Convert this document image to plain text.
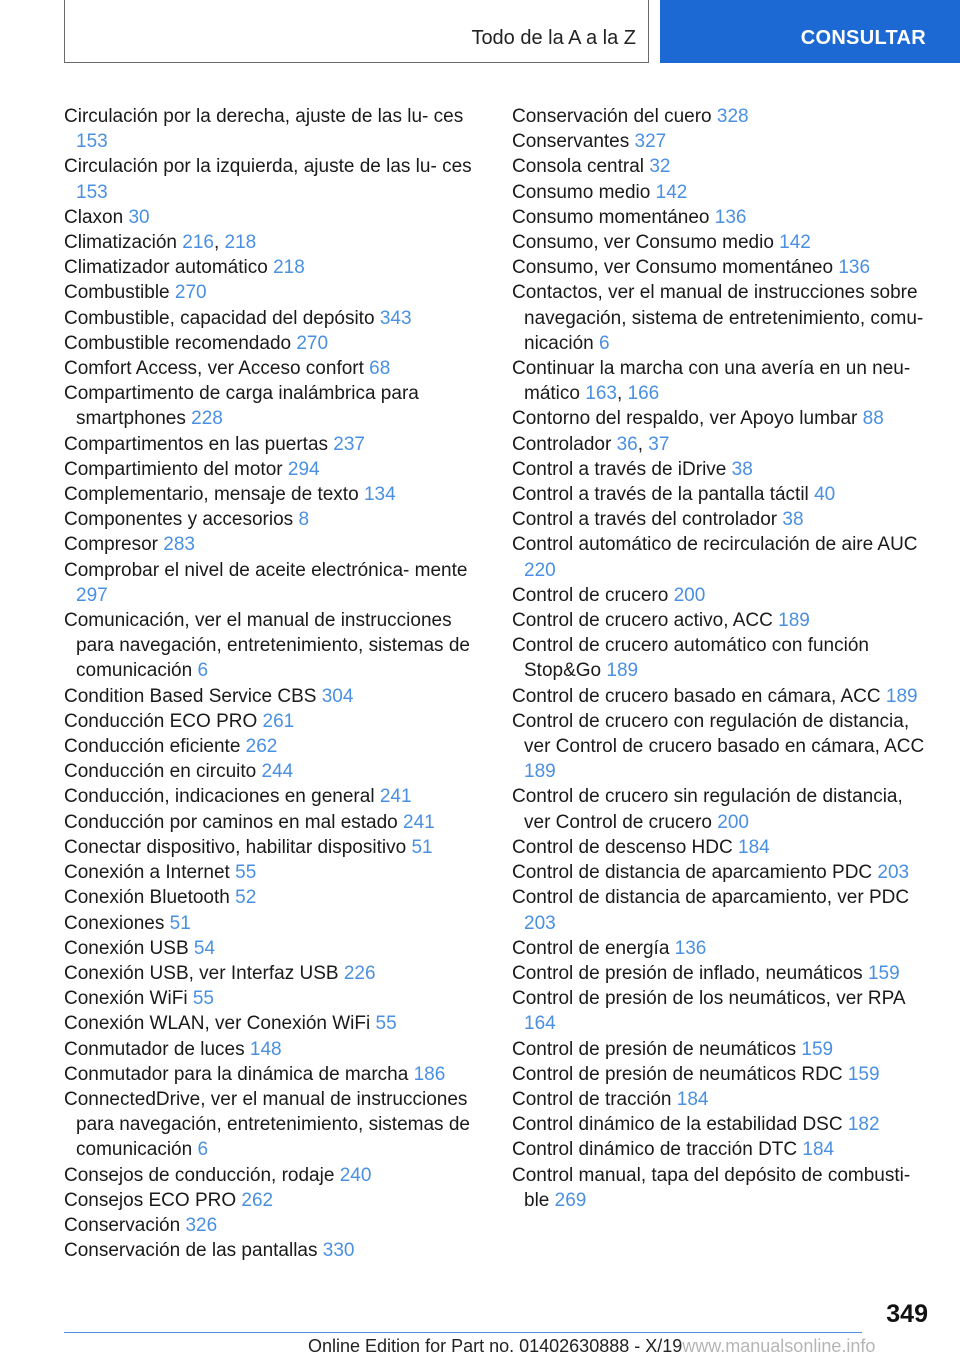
Todo de la A a la Z	CONSULTAR

Circulación por la derecha, ajuste de las lu‐ ces 153

Circulación por la izquierda, ajuste de las lu‐ ces 153

Claxon 30

Climatización 216, 218

Climatizador automático 218

Combustible 270

Combustible, capacidad del depósito 343

Combustible recomendado 270

Comfort Access, ver Acceso confort 68

Compartimento de carga inalámbrica para smartphones 228

Compartimentos en las puertas 237

Compartimiento del motor 294

Complementario, mensaje de texto 134

Componentes y accesorios 8

Compresor 283

Comprobar el nivel de aceite electrónica‐ mente 297

Comunicación, ver el manual de instrucciones para navegación, entretenimiento, sistemas de comunicación 6

Condition Based Service CBS 304

Conducción ECO PRO 261

Conducción eficiente 262

Conducción en circuito 244

Conducción, indicaciones en general 241

Conducción por caminos en mal estado 241

Conectar dispositivo, habilitar dispositivo 51

Conexión a Internet 55

Conexión Bluetooth 52

Conexiones 51

Conexión USB 54

Conexión USB, ver Interfaz USB 226

Conexión WiFi 55

Conexión WLAN, ver Conexión WiFi 55

Conmutador de luces 148

Conmutador para la dinámica de marcha 186

ConnectedDrive, ver el manual de instrucciones para navegación, entretenimiento, sistemas de comunicación 6

Consejos de conducción, rodaje 240

Consejos ECO PRO 262

Conservación 326

Conservación de las pantallas 330

Conservación del cuero 328

Conservantes 327

Consola central 32

Consumo medio 142

Consumo momentáneo 136

Consumo, ver Consumo medio 142

Consumo, ver Consumo momentáneo 136

Contactos, ver el manual de instrucciones sobre navegación, sistema de entretenimiento, comu‐ nicación 6

Continuar la marcha con una avería en un neu‐ mático 163, 166

Contorno del respaldo, ver Apoyo lumbar 88

Controlador 36, 37

Control a través de iDrive 38

Control a través de la pantalla táctil 40

Control a través del controlador 38

Control automático de recirculación de aire AUC 220

Control de crucero 200

Control de crucero activo, ACC 189

Control de crucero automático con función Stop&Go 189

Control de crucero basado en cámara, ACC 189

Control de crucero con regulación de distancia, ver Control de crucero basado en cámara, ACC 189

Control de crucero sin regulación de distancia, ver Control de crucero 200

Control de descenso HDC 184

Control de distancia de aparcamiento PDC 203

Control de distancia de aparcamiento, ver PDC 203

Control de energía 136

Control de presión de inflado, neumáticos 159

Control de presión de los neumáticos, ver RPA 164

Control de presión de neumáticos 159

Control de presión de neumáticos RDC 159

Control de tracción 184

Control dinámico de la estabilidad DSC 182

Control dinámico de tracción DTC 184

Control manual, tapa del depósito de combusti‐ ble 269

349
Online Edition for Part no. 01402630888 - X/19www.manualsonline.info
